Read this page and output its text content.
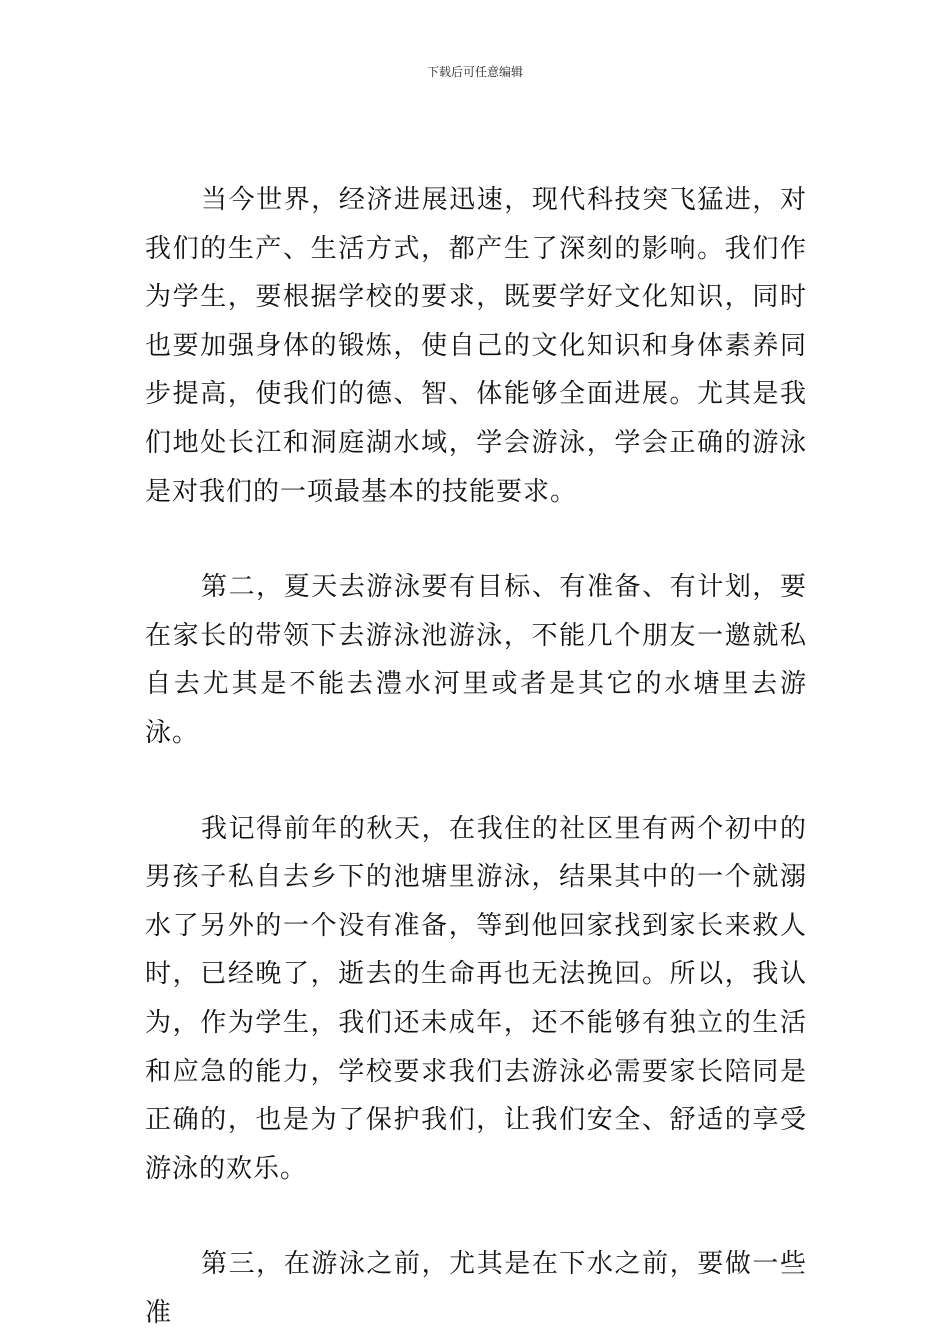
下载后可任意编辑

当今世界，经济进展迅速，现代科技突飞猛进，对我们的生产、生活方式，都产生了深刻的影响。我们作为学生，要根据学校的要求，既要学好文化知识，同时也要加强身体的锻炼，使自己的文化知识和身体素养同步提高，使我们的德、智、体能够全面进展。尤其是我们地处长江和洞庭湖水域，学会游泳，学会正确的游泳是对我们的一项最基本的技能要求。

第二，夏天去游泳要有目标、有准备、有计划，要在家长的带领下去游泳池游泳，不能几个朋友一邀就私自去尤其是不能去澧水河里或者是其它的水塘里去游泳。

我记得前年的秋天，在我住的社区里有两个初中的男孩子私自去乡下的池塘里游泳，结果其中的一个就溺水了另外的一个没有准备，等到他回家找到家长来救人时，已经晚了，逝去的生命再也无法挽回。所以，我认为，作为学生，我们还未成年，还不能够有独立的生活和应急的能力，学校要求我们去游泳必需要家长陪同是正确的，也是为了保护我们，让我们安全、舒适的享受游泳的欢乐。

第三，在游泳之前，尤其是在下水之前，要做一些准
